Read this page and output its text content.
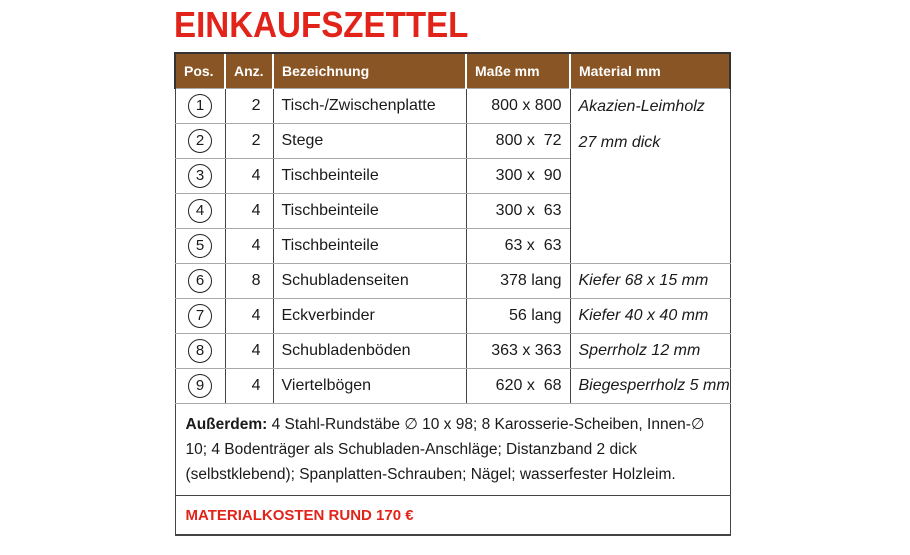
EINKAUFSZETTEL
Pos.	Anz.	Bezeichnung	Maße mm	Material mm
1	2	Tisch-/Zwischenplatte	800 x 800	Akazien-Leimholz
27 mm dick

2	2	Stege	800 x  72	
3	4	Tischbeinteile	300 x  90	
4	4	Tischbeinteile	300 x  63	
5	4	Tischbeinteile	63 x  63	
6	8	Schubladenseiten	378 lang	Kiefer 68 x 15 mm
7	4	Eckverbinder	56 lang	Kiefer 40 x 40 mm
8	4	Schubladenböden	363 x 363	Sperrholz 12 mm
9	4	Viertelbögen	620 x  68	Biegesperrholz 5 mm
Außerdem: 4 Stahl-Rundstäbe ∅ 10 x 98; 8 Karosserie-Scheiben, Innen-∅ 10; 4 Bodenträger als Schubladen-Anschläge; Distanzband 2 dick (selbstklebend); Spanplatten-Schrauben; Nägel; wasserfester Holzleim.				
MATERIALKOSTEN RUND 170 €				
